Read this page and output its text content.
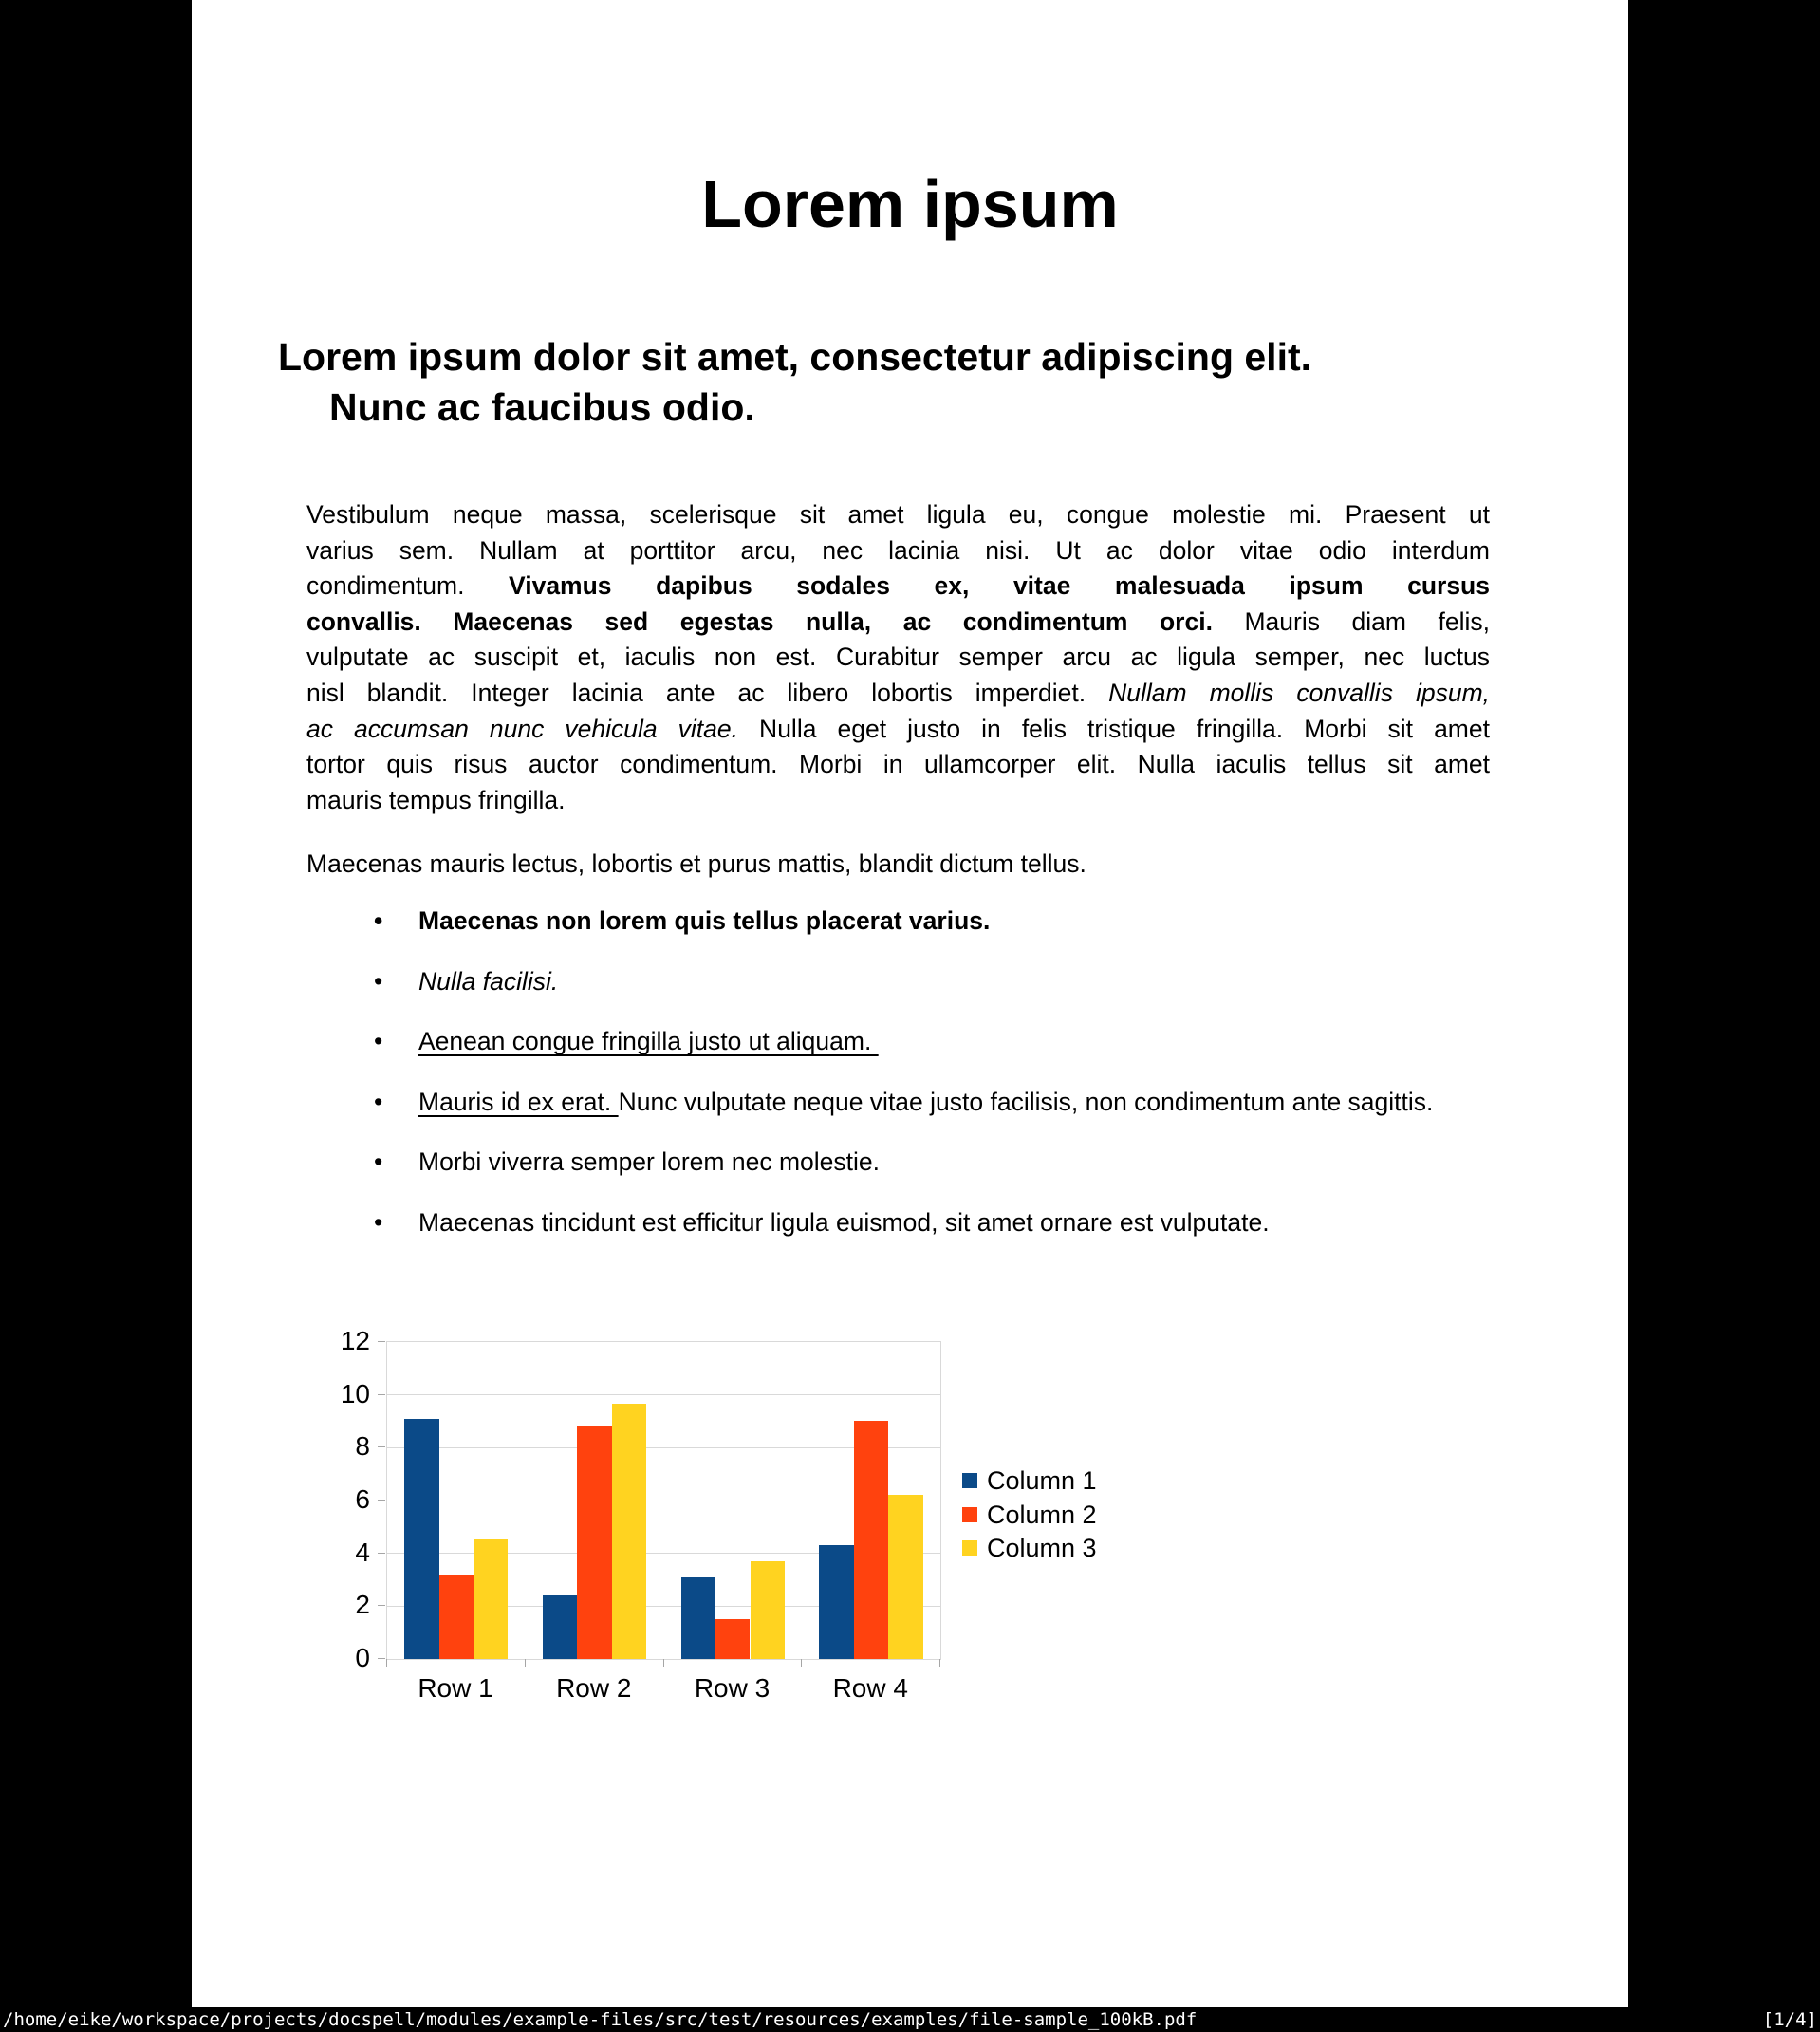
Lorem ipsum
Lorem ipsum dolor sit amet, consectetur adipiscing elit.
Nunc ac faucibus odio.
Vestibulum neque massa, scelerisque sit amet ligula eu, congue molestie mi. Praesent ut
varius sem. Nullam at porttitor arcu, nec lacinia nisi. Ut ac dolor vitae odio interdum
condimentum. Vivamus dapibus sodales ex, vitae malesuada ipsum cursus
convallis. Maecenas sed egestas nulla, ac condimentum orci. Mauris diam felis,
vulputate ac suscipit et, iaculis non est. Curabitur semper arcu ac ligula semper, nec luctus
nisl blandit. Integer lacinia ante ac libero lobortis imperdiet. Nullam mollis convallis ipsum,
ac accumsan nunc vehicula vitae. Nulla eget justo in felis tristique fringilla. Morbi sit amet
tortor quis risus auctor condimentum. Morbi in ullamcorper elit. Nulla iaculis tellus sit amet
mauris tempus fringilla.
Maecenas mauris lectus, lobortis et purus mattis, blandit dictum tellus.
• Maecenas non lorem quis tellus placerat varius.
• Nulla facilisi.
• Aenean congue fringilla justo ut aliquam.
• Mauris id ex erat. Nunc vulputate neque vitae justo facilisis, non condimentum ante sagittis.
• Morbi viverra semper lorem nec molestie.
• Maecenas tincidunt est efficitur ligula euismod, sit amet ornare est vulputate.
0
2
4
6
8
10
12
Row 1	Row 2	Row 3	Row 4
Column 1
Column 2
Column 3
/home/eike/workspace/projects/docspell/modules/example-files/src/test/resources/examples/file-sample_100kB.pdf	[1/4]
